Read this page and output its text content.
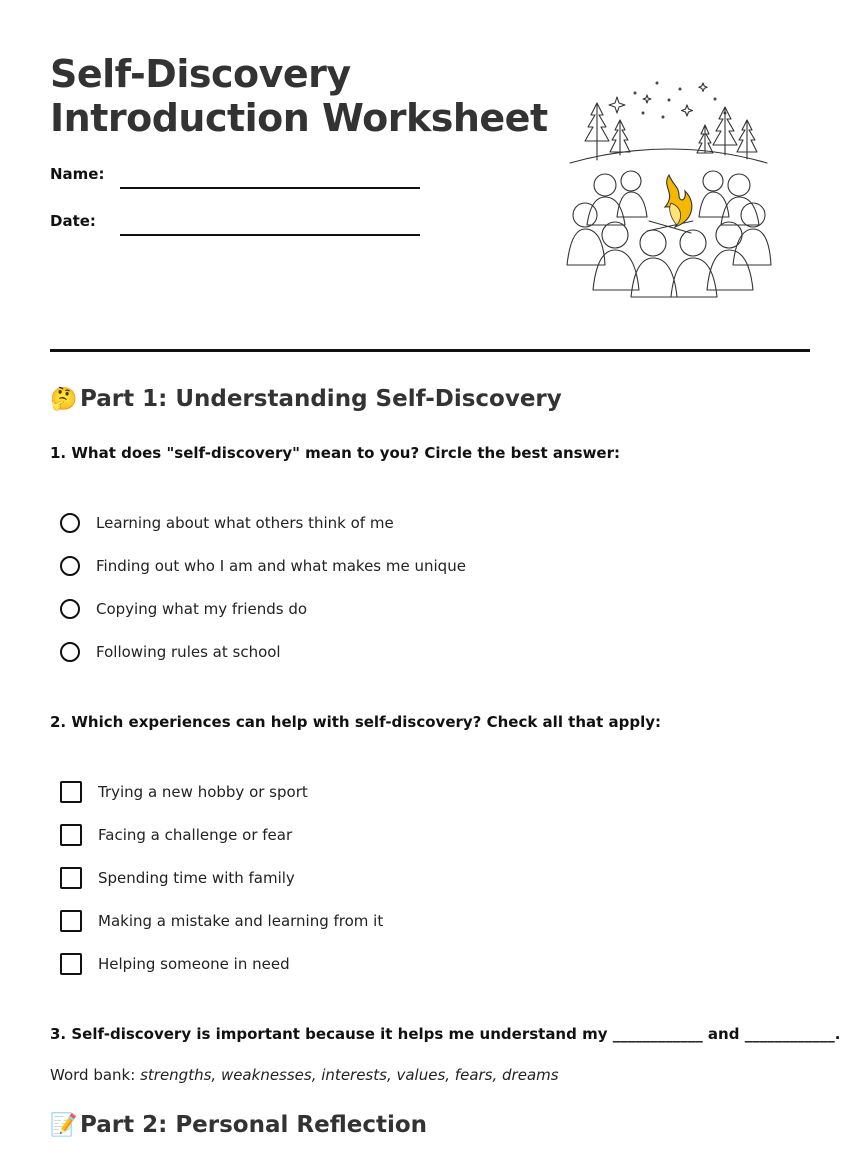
Self-Discovery
Introduction Worksheet
Name:
Date:
🤔 Part 1: Understanding Self-Discovery
1. What does "self-discovery" mean to you? Circle the best answer:
Learning about what others think of me
Finding out who I am and what makes me unique
Copying what my friends do
Following rules at school
2. Which experiences can help with self-discovery? Check all that apply:
Trying a new hobby or sport
Facing a challenge or fear
Spending time with family
Making a mistake and learning from it
Helping someone in need
3. Self-discovery is important because it helps me understand my ____________ and ____________.
Word bank: strengths, weaknesses, interests, values, fears, dreams
📝 Part 2: Personal Reflection
